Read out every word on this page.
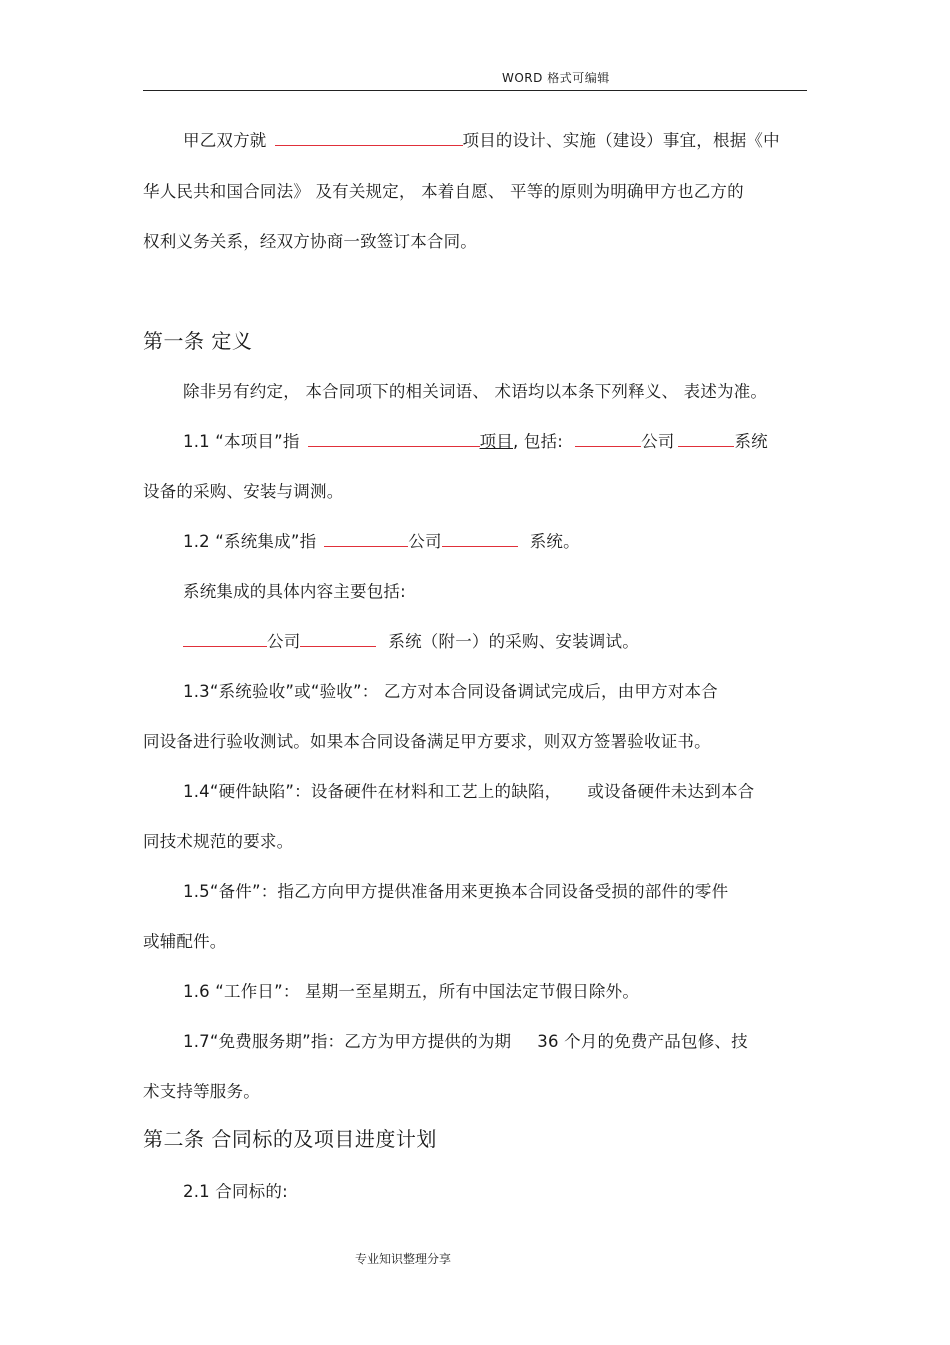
WORD 格式可编辑
甲乙双方就	项目的设计、实施（建设）事宜，根据《中
华人民共和国合同法》 及有关规定， 本着自愿、 平等的原则为明确甲方也乙方的
权利义务关系，经双方协商一致签订本合同。
第一条 定义
除非另有约定， 本合同项下的相关词语、 术语均以本条下列释义、 表述为准。
1.1 “本项目”指	项目, 包括:	公司	系统
设备的采购、安装与调测。
1.2 “系统集成”指	公司	系统。
系统集成的具体内容主要包括:
公司	系统（附一）的采购、安装调试。
1.3“系统验收”或“验收”： 乙方对本合同设备调试完成后，由甲方对本合
同设备进行验收测试。如果本合同设备满足甲方要求，则双方签署验收证书。
1.4“硬件缺陷”：设备硬件在材料和工艺上的缺陷， 或设备硬件未达到本合
同技术规范的要求。
1.5“备件”：指乙方向甲方提供准备用来更换本合同设备受损的部件的零件
或辅配件。
1.6 “工作日”： 星期一至星期五，所有中国法定节假日除外。
1.7“免费服务期”指：乙方为甲方提供的为期 36 个月的免费产品包修、技
术支持等服务。
第二条 合同标的及项目进度计划
2.1 合同标的:
专业知识整理分享
